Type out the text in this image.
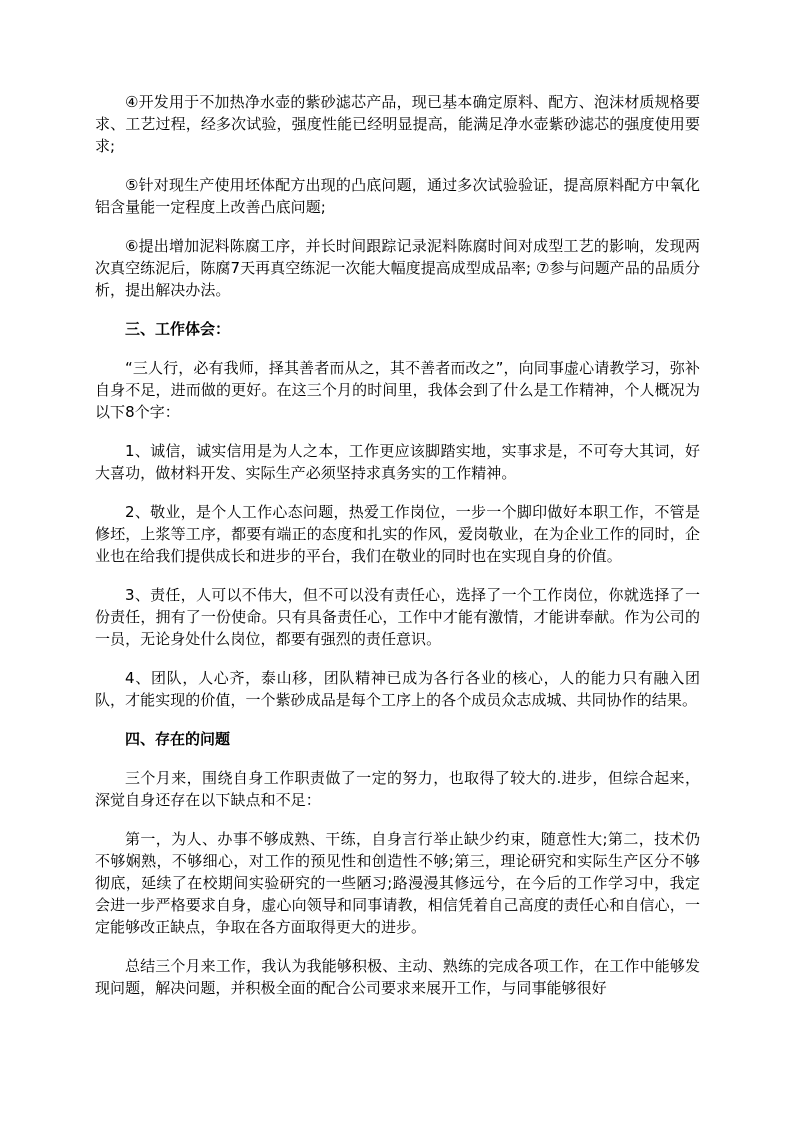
④开发用于不加热净水壶的紫砂滤芯产品，现已基本确定原料、配方、泡沫材质规格要求、工艺过程，经多次试验，强度性能已经明显提高，能满足净水壶紫砂滤芯的强度使用要求;

⑤针对现生产使用坯体配方出现的凸底问题，通过多次试验验证，提高原料配方中氧化铝含量能一定程度上改善凸底问题;

⑥提出增加泥料陈腐工序，并长时间跟踪记录泥料陈腐时间对成型工艺的影响，发现两次真空练泥后，陈腐7天再真空练泥一次能大幅度提高成型成品率; ⑦参与问题产品的品质分析，提出解决办法。

三、工作体会：

“三人行，必有我师，择其善者而从之，其不善者而改之”，向同事虚心请教学习，弥补自身不足，进而做的更好。在这三个月的时间里，我体会到了什么是工作精神，个人概况为以下8个字：

1、诚信，诚实信用是为人之本，工作更应该脚踏实地，实事求是，不可夸大其词，好大喜功，做材料开发、实际生产必须坚持求真务实的工作精神。

2、敬业，是个人工作心态问题，热爱工作岗位，一步一个脚印做好本职工作，不管是修坯，上浆等工序，都要有端正的态度和扎实的作风，爱岗敬业，在为企业工作的同时，企业也在给我们提供成长和进步的平台，我们在敬业的同时也在实现自身的价值。

3、责任，人可以不伟大，但不可以没有责任心，选择了一个工作岗位，你就选择了一份责任，拥有了一份使命。只有具备责任心，工作中才能有激情，才能讲奉献。作为公司的一员，无论身处什么岗位，都要有强烈的责任意识。

4、团队，人心齐，泰山移，团队精神已成为各行各业的核心，人的能力只有融入团队，才能实现的价值，一个紫砂成品是每个工序上的各个成员众志成城、共同协作的结果。

四、存在的问题

三个月来，围绕自身工作职责做了一定的努力，也取得了较大的.进步，但综合起来，深觉自身还存在以下缺点和不足：

第一，为人、办事不够成熟、干练，自身言行举止缺少约束，随意性大;第二，技术仍不够娴熟，不够细心，对工作的预见性和创造性不够;第三，理论研究和实际生产区分不够彻底，延续了在校期间实验研究的一些陋习;路漫漫其修远兮，在今后的工作学习中，我定会进一步严格要求自身，虚心向领导和同事请教，相信凭着自己高度的责任心和自信心，一定能够改正缺点，争取在各方面取得更大的进步。

总结三个月来工作，我认为我能够积极、主动、熟练的完成各项工作，在工作中能够发现问题，解决问题，并积极全面的配合公司要求来展开工作，与同事能够很好
